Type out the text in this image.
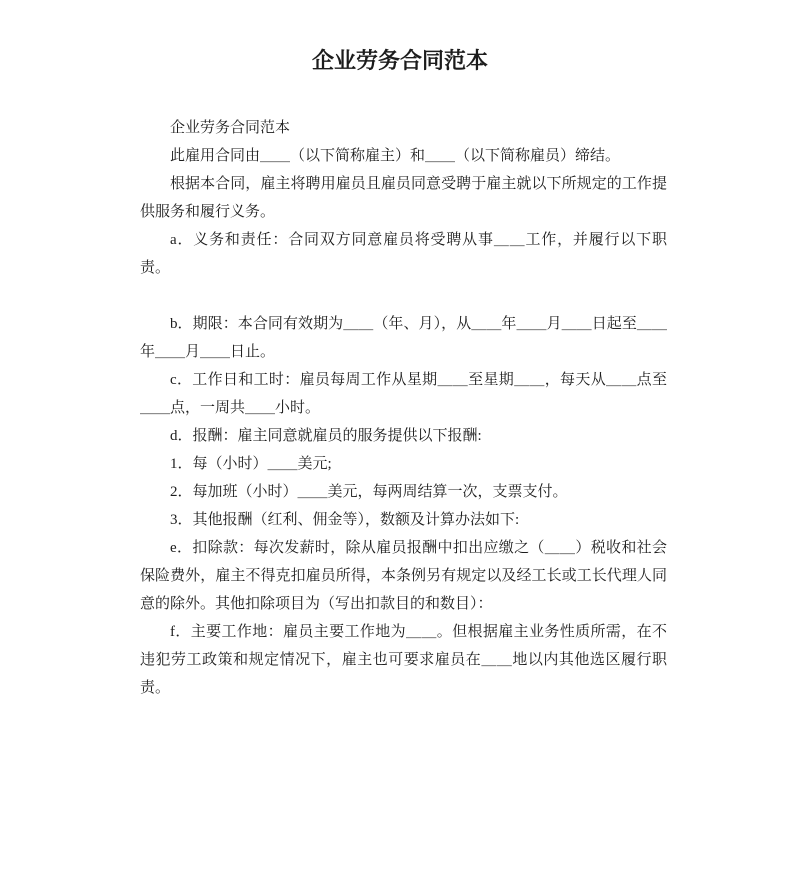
企业劳务合同范本

企业劳务合同范本

此雇用合同由＿＿（以下简称雇主）和＿＿（以下简称雇员）缔结。

根据本合同，雇主将聘用雇员且雇员同意受聘于雇主就以下所规定的工作提供服务和履行义务。

a．义务和责任：合同双方同意雇员将受聘从事＿＿工作，并履行以下职责。

b．期限：本合同有效期为＿＿（年、月），从＿＿年＿＿月＿＿日起至＿＿年＿＿月＿＿日止。

c．工作日和工时：雇员每周工作从星期＿＿至星期＿＿，每天从＿＿点至＿＿点，一周共＿＿小时。

d．报酬：雇主同意就雇员的服务提供以下报酬:

1．每（小时）＿＿美元;

2．每加班（小时）＿＿美元，每两周结算一次，支票支付。

3．其他报酬（红利、佣金等），数额及计算办法如下:

e．扣除款：每次发薪时，除从雇员报酬中扣出应缴之（＿＿）税收和社会保险费外，雇主不得克扣雇员所得，本条例另有规定以及经工长或工长代理人同意的除外。其他扣除项目为（写出扣款目的和数目）：

f．主要工作地：雇员主要工作地为＿＿。但根据雇主业务性质所需，在不违犯劳工政策和规定情况下，雇主也可要求雇员在＿＿地以内其他选区履行职责。
